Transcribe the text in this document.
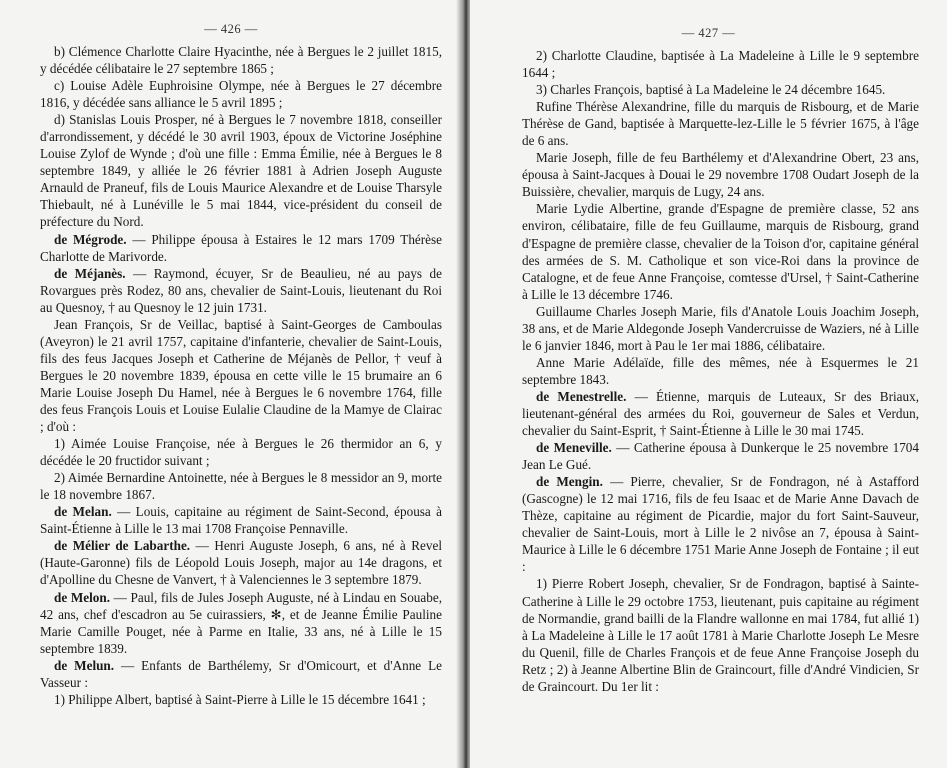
— 426 —

b) Clémence Charlotte Claire Hyacinthe, née à Bergues le 2 juillet 1815, y décédée célibataire le 27 septembre 1865 ;

c) Louise Adèle Euphroisine Olympe, née à Bergues le 27 décembre 1816, y décédée sans alliance le 5 avril 1895 ;

d) Stanislas Louis Prosper, né à Bergues le 7 novembre 1818, conseiller d'arrondissement, y décédé le 30 avril 1903, époux de Victorine Joséphine Louise Zylof de Wynde ; d'où une fille : Emma Émilie, née à Bergues le 8 septembre 1849, y alliée le 26 février 1881 à Adrien Joseph Auguste Arnauld de Praneuf, fils de Louis Maurice Alexandre et de Louise Tharsyle Thiebault, né à Lunéville le 5 mai 1844, vice-président du conseil de préfecture du Nord.

de Mégrode. — Philippe épousa à Estaires le 12 mars 1709 Thérèse Charlotte de Marivorde.

de Méjanès. — Raymond, écuyer, Sr de Beaulieu, né au pays de Rovargues près Rodez, 80 ans, chevalier de Saint-Louis, lieutenant du Roi au Quesnoy, † au Quesnoy le 12 juin 1731.

Jean François, Sr de Veillac, baptisé à Saint-Georges de Camboulas (Aveyron) le 21 avril 1757, capitaine d'infanterie, chevalier de Saint-Louis, fils des feus Jacques Joseph et Catherine de Méjanès de Pellor, † veuf à Bergues le 20 novembre 1839, épousa en cette ville le 15 brumaire an 6 Marie Louise Joseph Du Hamel, née à Bergues le 6 novembre 1764, fille des feus François Louis et Louise Eulalie Claudine de la Mamye de Clairac ; d'où :

1) Aimée Louise Françoise, née à Bergues le 26 thermidor an 6, y décédée le 20 fructidor suivant ;

2) Aimée Bernardine Antoinette, née à Bergues le 8 messidor an 9, morte le 18 novembre 1867.

de Melan. — Louis, capitaine au régiment de Saint-Second, épousa à Saint-Étienne à Lille le 13 mai 1708 Françoise Pennaville.

de Mélier de Labarthe. — Henri Auguste Joseph, 6 ans, né à Revel (Haute-Garonne) fils de Léopold Louis Joseph, major au 14e dragons, et d'Apolline du Chesne de Vanvert, † à Valenciennes le 3 septembre 1879.

de Melon. — Paul, fils de Jules Joseph Auguste, né à Lindau en Souabe, 42 ans, chef d'escadron au 5e cuirassiers, ✻, et de Jeanne Émilie Pauline Marie Camille Pouget, née à Parme en Italie, 33 ans, né à Lille le 15 septembre 1839.

de Melun. — Enfants de Barthélemy, Sr d'Omicourt, et d'Anne Le Vasseur :

1) Philippe Albert, baptisé à Saint-Pierre à Lille le 15 décembre 1641 ;

— 427 —

2) Charlotte Claudine, baptisée à La Madeleine à Lille le 9 septembre 1644 ;

3) Charles François, baptisé à La Madeleine le 24 décembre 1645.

Rufine Thérèse Alexandrine, fille du marquis de Risbourg, et de Marie Thérèse de Gand, baptisée à Marquette-lez-Lille le 5 février 1675, à l'âge de 6 ans.

Marie Joseph, fille de feu Barthélemy et d'Alexandrine Obert, 23 ans, épousa à Saint-Jacques à Douai le 29 novembre 1708 Oudart Joseph de la Buissière, chevalier, marquis de Lugy, 24 ans.

Marie Lydie Albertine, grande d'Espagne de première classe, 52 ans environ, célibataire, fille de feu Guillaume, marquis de Risbourg, grand d'Espagne de première classe, chevalier de la Toison d'or, capitaine général des armées de S. M. Catholique et son vice-Roi dans la province de Catalogne, et de feue Anne Françoise, comtesse d'Ursel, † Saint-Catherine à Lille le 13 décembre 1746.

Guillaume Charles Joseph Marie, fils d'Anatole Louis Joachim Joseph, 38 ans, et de Marie Aldegonde Joseph Vandercruisse de Waziers, né à Lille le 6 janvier 1846, mort à Pau le 1er mai 1886, célibataire.

Anne Marie Adélaïde, fille des mêmes, née à Esquermes le 21 septembre 1843.

de Menestrelle. — Étienne, marquis de Luteaux, Sr des Briaux, lieutenant-général des armées du Roi, gouverneur de Sales et Verdun, chevalier du Saint-Esprit, † Saint-Étienne à Lille le 30 mai 1745.

de Meneville. — Catherine épousa à Dunkerque le 25 novembre 1704 Jean Le Gué.

de Mengin. — Pierre, chevalier, Sr de Fondragon, né à Astafford (Gascogne) le 12 mai 1716, fils de feu Isaac et de Marie Anne Davach de Thèze, capitaine au régiment de Picardie, major du fort Saint-Sauveur, chevalier de Saint-Louis, mort à Lille le 2 nivôse an 7, épousa à Saint-Maurice à Lille le 6 décembre 1751 Marie Anne Joseph de Fontaine ; il eut :

1) Pierre Robert Joseph, chevalier, Sr de Fondragon, baptisé à Sainte-Catherine à Lille le 29 octobre 1753, lieutenant, puis capitaine au régiment de Normandie, grand bailli de la Flandre wallonne en mai 1784, fut allié 1) à La Madeleine à Lille le 17 août 1781 à Marie Charlotte Joseph Le Mesre du Quenil, fille de Charles François et de feue Anne Françoise Joseph du Retz ; 2) à Jeanne Albertine Blin de Graincourt, fille d'André Vindicien, Sr de Graincourt. Du 1er lit :
